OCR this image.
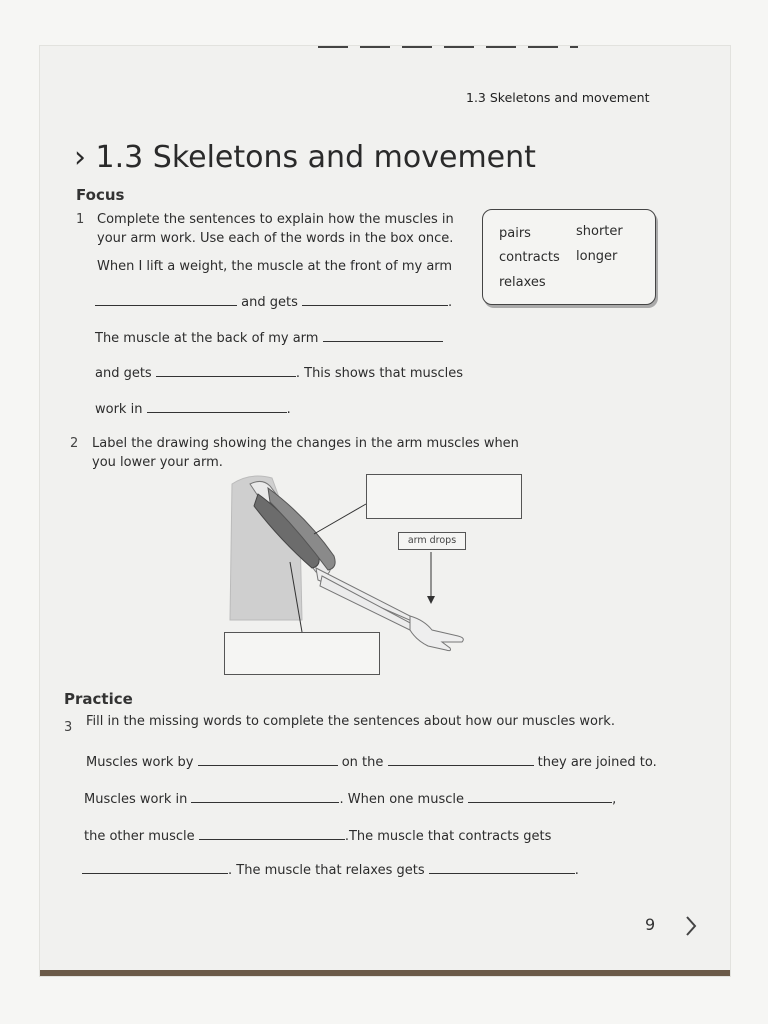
1.3 Skeletons and movement
› 1.3 Skeletons and movement
Focus
1 Complete the sentences to explain how the muscles in
your arm work. Use each of the words in the box once.
When I lift a weight, the muscle at the front of my arm
and gets	.
The muscle at the back of my arm
and gets	. This shows that muscles
work in	.
pairs	shorter
contracts longer
relaxes
2 Label the drawing showing the changes in the arm muscles when
you lower your arm.
arm drops
Practice
3 Fill in the missing words to complete the sentences about how our muscles work.
Muscles work by	on the	they are joined to.
Muscles work in	. When one muscle	,
the other muscle	.The muscle that contracts gets
. The muscle that relaxes gets	.
9
